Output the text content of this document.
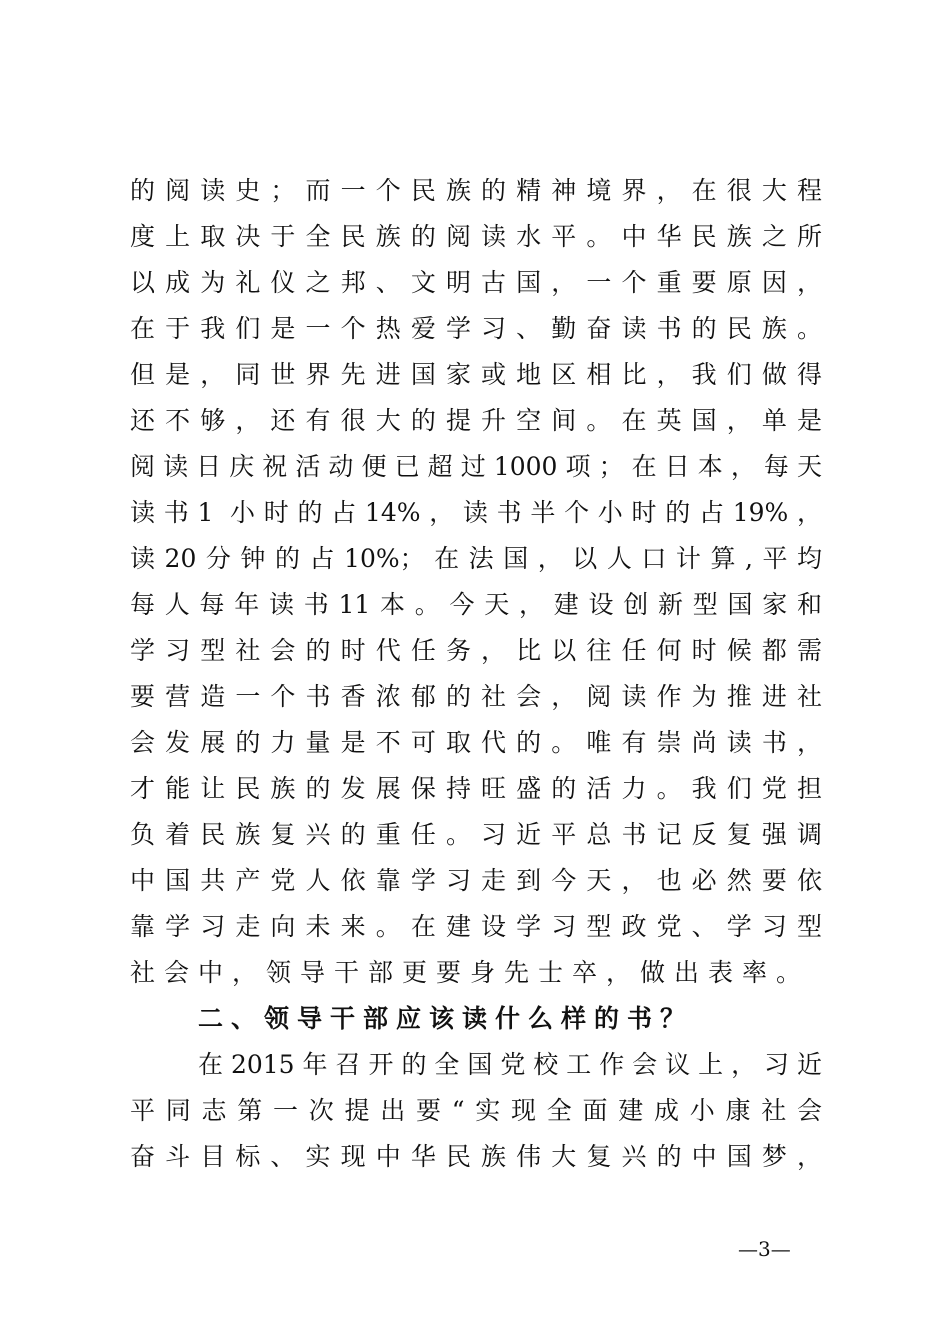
的阅读史；而一个民族的精神境界，在很大程
度上取决于全民族的阅读水平。中华民族之所
以成为礼仪之邦、文明古国，一个重要原因，
在于我们是一个热爱学习、勤奋读书的民族。
但是，同世界先进国家或地区相比，我们做得
还不够，还有很大的提升空间。在英国，单是
阅读日庆祝活动便已超过1000项；在日本，每天
读书1 小时的占14%，读书半个小时的占19%，
读20分钟的占10%；在法国，以人口计算,平均
每人每年读书11本。今天，建设创新型国家和
学习型社会的时代任务，比以往任何时候都需
要营造一个书香浓郁的社会，阅读作为推进社
会发展的力量是不可取代的。唯有崇尚读书，
才能让民族的发展保持旺盛的活力。我们党担
负着民族复兴的重任。习近平总书记反复强调
中国共产党人依靠学习走到今天，也必然要依
靠学习走向未来。在建设学习型政党、学习型
社会中，领导干部更要身先士卒，做出表率。
二、领导干部应该读什么样的书？
在2015年召开的全国党校工作会议上，习近
平同志第一次提出要“实现全面建成小康社会
奋斗目标、实现中华民族伟大复兴的中国梦，
—3—
